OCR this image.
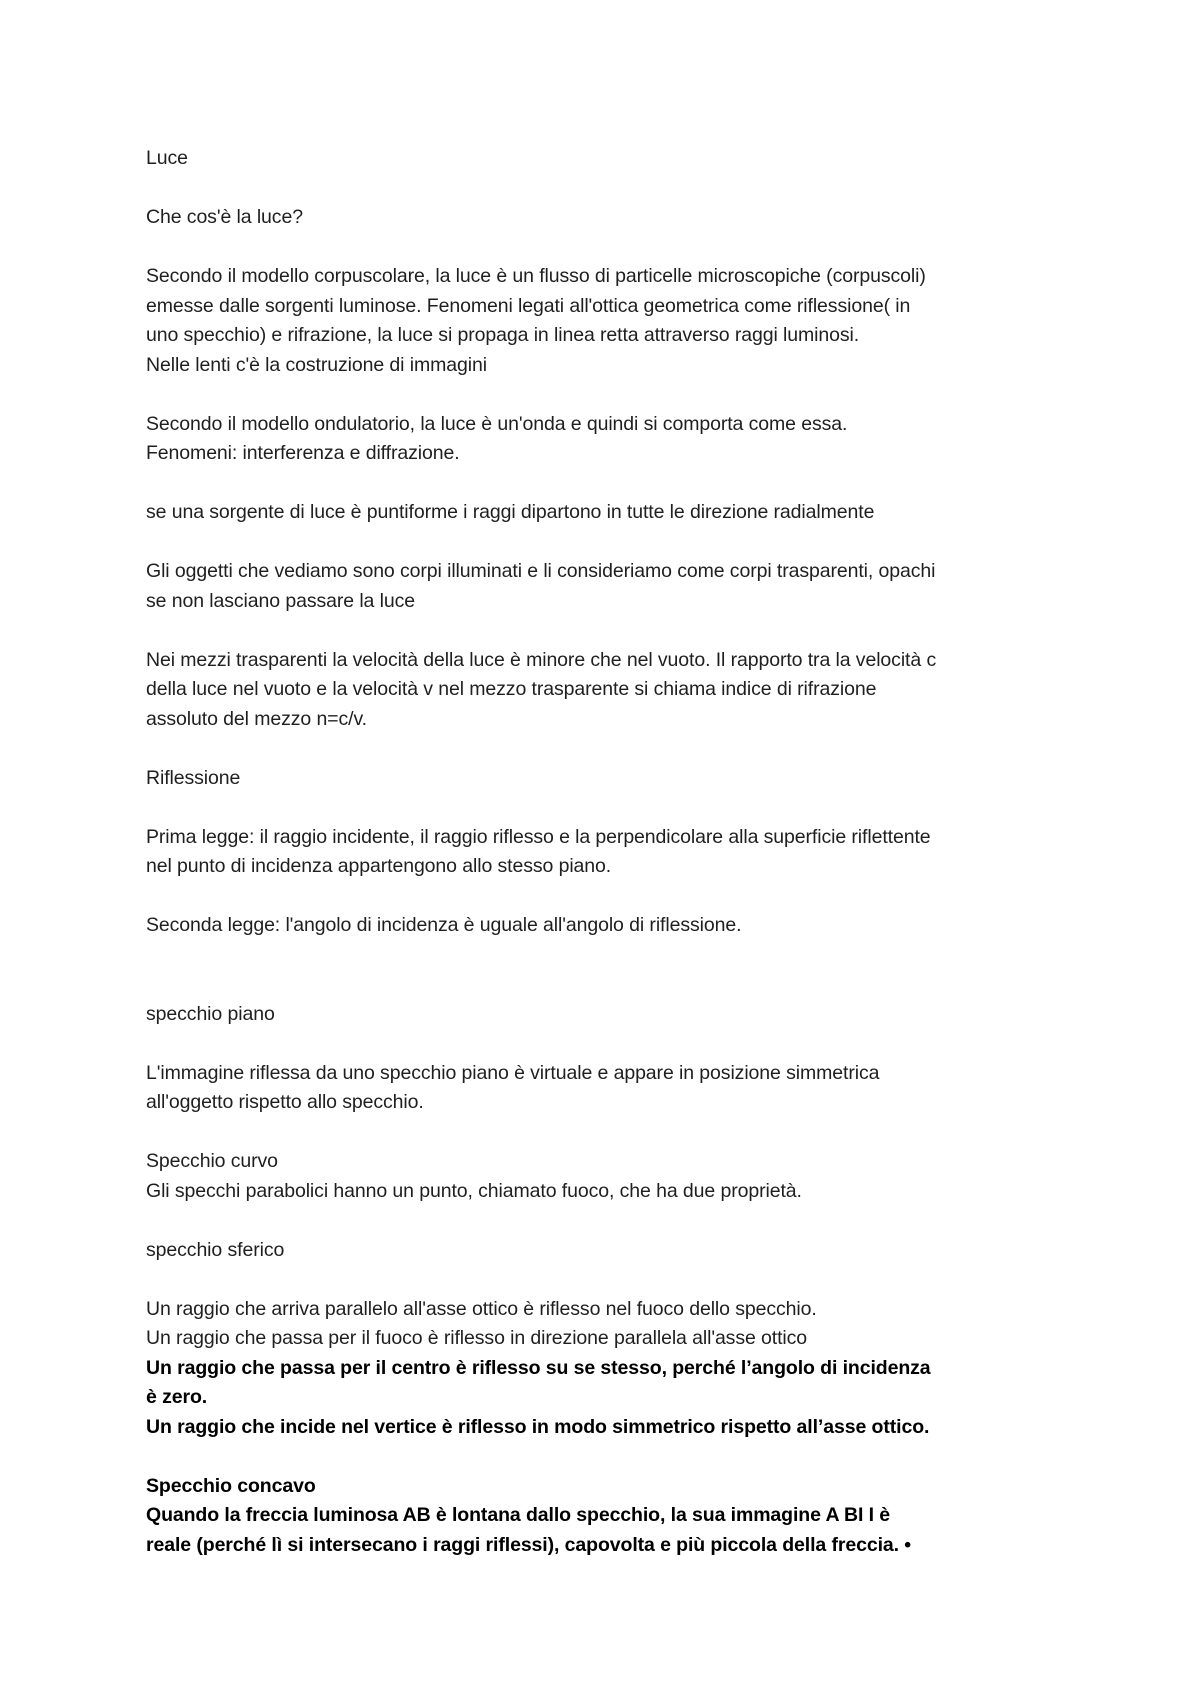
Luce

Che cos'è la luce?

Secondo il modello corpuscolare, la luce è un flusso di particelle microscopiche (corpuscoli)
emesse dalle sorgenti luminose. Fenomeni legati all'ottica geometrica come riflessione( in
uno specchio) e rifrazione, la luce si propaga in linea retta attraverso raggi luminosi.
Nelle lenti c'è la costruzione di immagini

Secondo il modello ondulatorio, la luce è un'onda e quindi si comporta come essa.
Fenomeni: interferenza e diffrazione.

se una sorgente di luce è puntiforme i raggi dipartono in tutte le direzione radialmente

Gli oggetti che vediamo sono corpi illuminati e li consideriamo come corpi trasparenti, opachi
se non lasciano passare la luce

Nei mezzi trasparenti la velocità della luce è minore che nel vuoto. Il rapporto tra la velocità c
della luce nel vuoto e la velocità v nel mezzo trasparente si chiama indice di rifrazione
assoluto del mezzo n=c/v.

Riflessione

Prima legge: il raggio incidente, il raggio riflesso e la perpendicolare alla superficie riflettente
nel punto di incidenza appartengono allo stesso piano.

Seconda legge: l'angolo di incidenza è uguale all'angolo di riflessione.

specchio piano

L'immagine riflessa da uno specchio piano è virtuale e appare in posizione simmetrica
all'oggetto rispetto allo specchio.

Specchio curvo
Gli specchi parabolici hanno un punto, chiamato fuoco, che ha due proprietà.

specchio sferico

Un raggio che arriva parallelo all'asse ottico è riflesso nel fuoco dello specchio.
Un raggio che passa per il fuoco è riflesso in direzione parallela all'asse ottico
Un raggio che passa per il centro è riflesso su se stesso, perché l’angolo di incidenza
è zero.
Un raggio che incide nel vertice è riflesso in modo simmetrico rispetto all’asse ottico.

Specchio concavo
Quando la freccia luminosa AB è lontana dallo specchio, la sua immagine A BI I è
reale (perché lì si intersecano i raggi riflessi), capovolta e più piccola della freccia. •
